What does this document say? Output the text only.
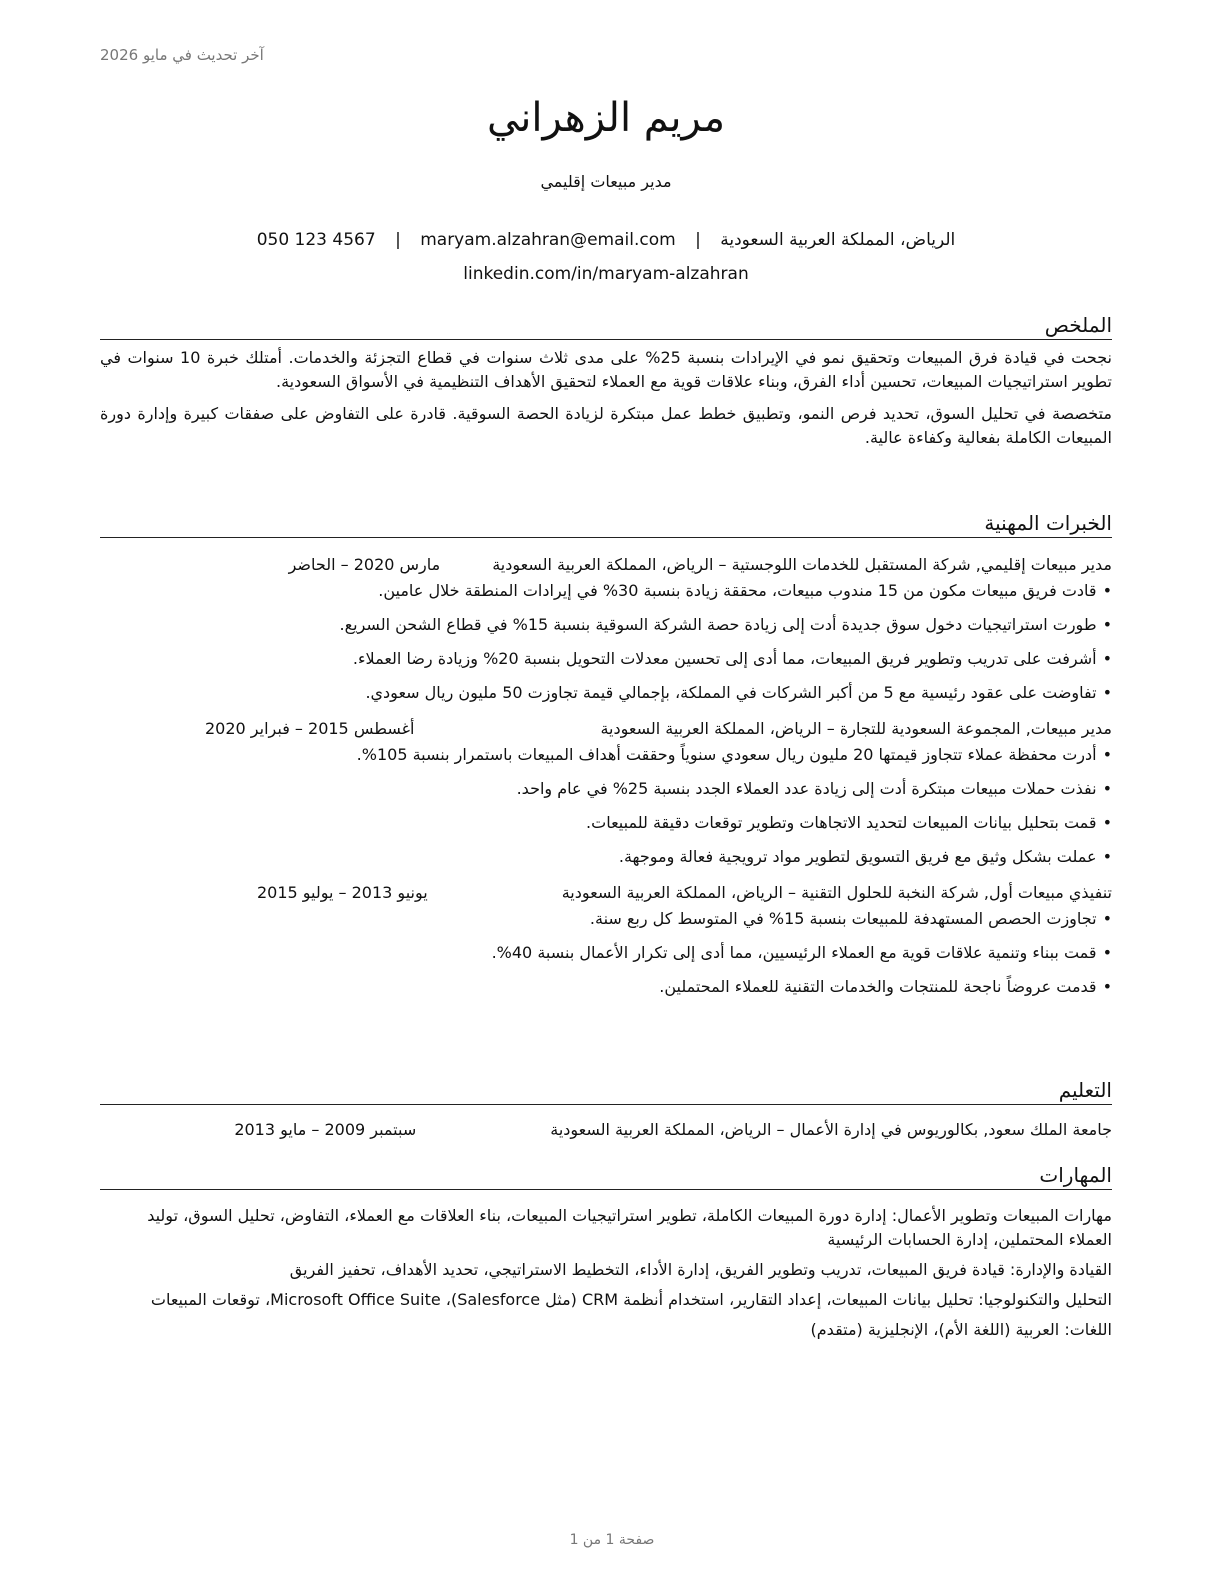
آخر تحديث في مايو 2026
مريم الزهراني
مدير مبيعات إقليمي
الرياض، المملكة العربية السعودية | maryam.alzahran@email.com | 050 123 4567
linkedin.com/in/maryam-alzahran
الملخص

نجحت في قيادة فرق المبيعات وتحقيق نمو في الإيرادات بنسبة 25% على مدى ثلاث سنوات في قطاع التجزئة والخدمات. أمتلك خبرة 10 سنوات في تطوير استراتيجيات المبيعات، تحسين أداء الفرق، وبناء علاقات قوية مع العملاء لتحقيق الأهداف التنظيمية في الأسواق السعودية.

متخصصة في تحليل السوق، تحديد فرص النمو، وتطبيق خطط عمل مبتكرة لزيادة الحصة السوقية. قادرة على التفاوض على صفقات كبيرة وإدارة دورة المبيعات الكاملة بفعالية وكفاءة عالية.

الخبرات المهنية
مدير مبيعات إقليمي, شركة المستقبل للخدمات اللوجستية – الرياض، المملكة العربية السعودية
مارس 2020 – الحاضر
•قادت فريق مبيعات مكون من 15 مندوب مبيعات، محققة زيادة بنسبة 30% في إيرادات المنطقة خلال عامين.
•طورت استراتيجيات دخول سوق جديدة أدت إلى زيادة حصة الشركة السوقية بنسبة 15% في قطاع الشحن السريع.
•أشرفت على تدريب وتطوير فريق المبيعات، مما أدى إلى تحسين معدلات التحويل بنسبة 20% وزيادة رضا العملاء.
•تفاوضت على عقود رئيسية مع 5 من أكبر الشركات في المملكة، بإجمالي قيمة تجاوزت 50 مليون ريال سعودي.
مدير مبيعات, المجموعة السعودية للتجارة – الرياض، المملكة العربية السعودية
أغسطس 2015 – فبراير 2020
•أدرت محفظة عملاء تتجاوز قيمتها 20 مليون ريال سعودي سنوياً وحققت أهداف المبيعات باستمرار بنسبة 105%.
•نفذت حملات مبيعات مبتكرة أدت إلى زيادة عدد العملاء الجدد بنسبة 25% في عام واحد.
•قمت بتحليل بيانات المبيعات لتحديد الاتجاهات وتطوير توقعات دقيقة للمبيعات.
•عملت بشكل وثيق مع فريق التسويق لتطوير مواد ترويجية فعالة وموجهة.
تنفيذي مبيعات أول, شركة النخبة للحلول التقنية – الرياض، المملكة العربية السعودية
يونيو 2013 – يوليو 2015
•تجاوزت الحصص المستهدفة للمبيعات بنسبة 15% في المتوسط كل ربع سنة.
•قمت ببناء وتنمية علاقات قوية مع العملاء الرئيسيين، مما أدى إلى تكرار الأعمال بنسبة 40%.
•قدمت عروضاً ناجحة للمنتجات والخدمات التقنية للعملاء المحتملين.
التعليم
جامعة الملك سعود, بكالوريوس في إدارة الأعمال – الرياض، المملكة العربية السعودية
سبتمبر 2009 – مايو 2013
المهارات
مهارات المبيعات وتطوير الأعمال: إدارة دورة المبيعات الكاملة، تطوير استراتيجيات المبيعات، بناء العلاقات مع العملاء، التفاوض، تحليل السوق، توليد العملاء المحتملين، إدارة الحسابات الرئيسية
القيادة والإدارة: قيادة فريق المبيعات، تدريب وتطوير الفريق، إدارة الأداء، التخطيط الاستراتيجي، تحديد الأهداف، تحفيز الفريق
التحليل والتكنولوجيا: تحليل بيانات المبيعات، إعداد التقارير، استخدام أنظمة CRM (مثل Salesforce)، Microsoft Office Suite، توقعات المبيعات
اللغات: العربية (اللغة الأم)، الإنجليزية (متقدم)
صفحة 1 من 1
